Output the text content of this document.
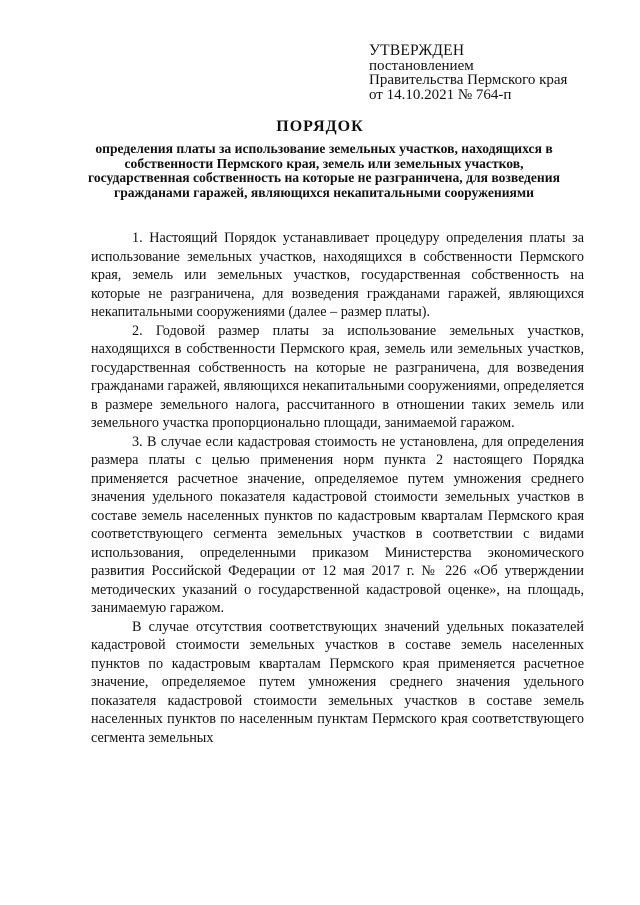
УТВЕРЖДЕН
постановлением
Правительства Пермского края
от 14.10.2021 № 764-п
ПОРЯДОК
определения платы за использование земельных участков, находящихся в собственности Пермского края, земель или земельных участков, государственная собственность на которые не разграничена, для возведения гражданами гаражей, являющихся некапитальными сооружениями

1. Настоящий Порядок устанавливает процедуру определения платы за использование земельных участков, находящихся в собственности Пермского края, земель или земельных участков, государственная собственность на которые не разграничена, для возведения гражданами гаражей, являющихся некапитальными сооружениями (далее – размер платы).

2. Годовой размер платы за использование земельных участков, находящихся в собственности Пермского края, земель или земельных участков, государственная собственность на которые не разграничена, для возведения гражданами гаражей, являющихся некапитальными сооружениями, определяется в размере земельного налога, рассчитанного в отношении таких земель или земельного участка пропорционально площади, занимаемой гаражом.

3. В случае если кадастровая стоимость не установлена, для определения размера платы с целью применения норм пункта 2 настоящего Порядка применяется расчетное значение, определяемое путем умножения среднего значения удельного показателя кадастровой стоимости земельных участков в составе земель населенных пунктов по кадастровым кварталам Пермского края соответствующего сегмента земельных участков в соответствии с видами использования, определенными приказом Министерства экономического развития Российской Федерации от 12 мая 2017 г. № 226 «Об утверждении методических указаний о государственной кадастровой оценке», на площадь, занимаемую гаражом.

В случае отсутствия соответствующих значений удельных показателей кадастровой стоимости земельных участков в составе земель населенных пунктов по кадастровым кварталам Пермского края применяется расчетное значение, определяемое путем умножения среднего значения удельного показателя кадастровой стоимости земельных участков в составе земель населенных пунктов по населенным пунктам Пермского края соответствующего сегмента земельных
